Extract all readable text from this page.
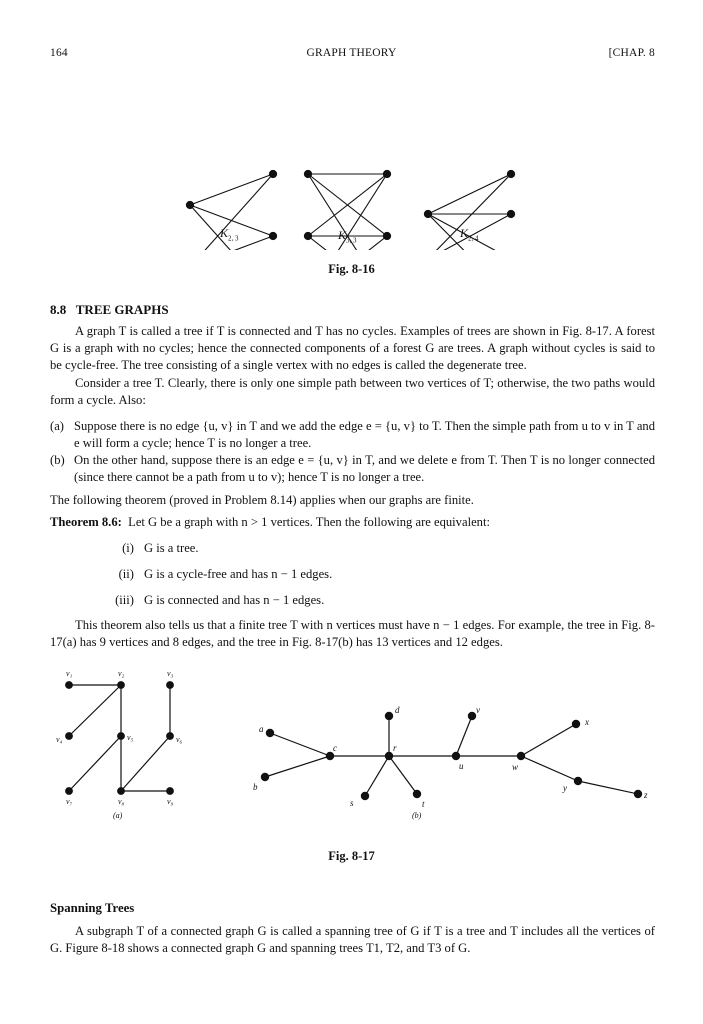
164	GRAPH THEORY	[CHAP. 8
$K_{2, 3}$	$K_{3, 3}$
$K_{2, 4}$
Fig. 8-16
8.8 TREE GRAPHS

A graph T is called a tree if T is connected and T has no cycles. Examples of trees are shown in Fig. 8-17. A forest G is a graph with no cycles; hence the connected components of a forest G are trees. A graph without cycles is said to be cycle-free. The tree consisting of a single vertex with no edges is called the degenerate tree.

Consider a tree T. Clearly, there is only one simple path between two vertices of T; otherwise, the two paths would form a cycle. Also:

(a) Suppose there is no edge {u, v} in T and we add the edge e = {u, v} to T. Then the simple path from u to v in T and e will form a cycle; hence T is no longer a tree.
(b) On the other hand, suppose there is an edge e = {u, v} in T, and we delete e from T. Then T is no longer connected (since there cannot be a path from u to v); hence T is no longer a tree.

The following theorem (proved in Problem 8.14) applies when our graphs are finite.

Theorem 8.6: Let G be a graph with n > 1 vertices. Then the following are equivalent:
(i) G is a tree.
(ii) G is a cycle-free and has n − 1 edges.
(iii) G is connected and has n − 1 edges.

This theorem also tells us that a finite tree T with n vertices must have n − 1 edges. For example, the tree in Fig. 8-17(a) has 9 vertices and 8 edges, and the tree in Fig. 8-17(b) has 13 vertices and 12 edges.

v₁	v₂	v₃
v₄	v₅	v₆
v₇	v₈	v₉
(a)
a
b
c
d
r
s	t
v
u	w
x
y
z
(b)
Fig. 8-17
Spanning Trees

A subgraph T of a connected graph G is called a spanning tree of G if T is a tree and T includes all the vertices of G. Figure 8-18 shows a connected graph G and spanning trees T1, T2, and T3 of G.
